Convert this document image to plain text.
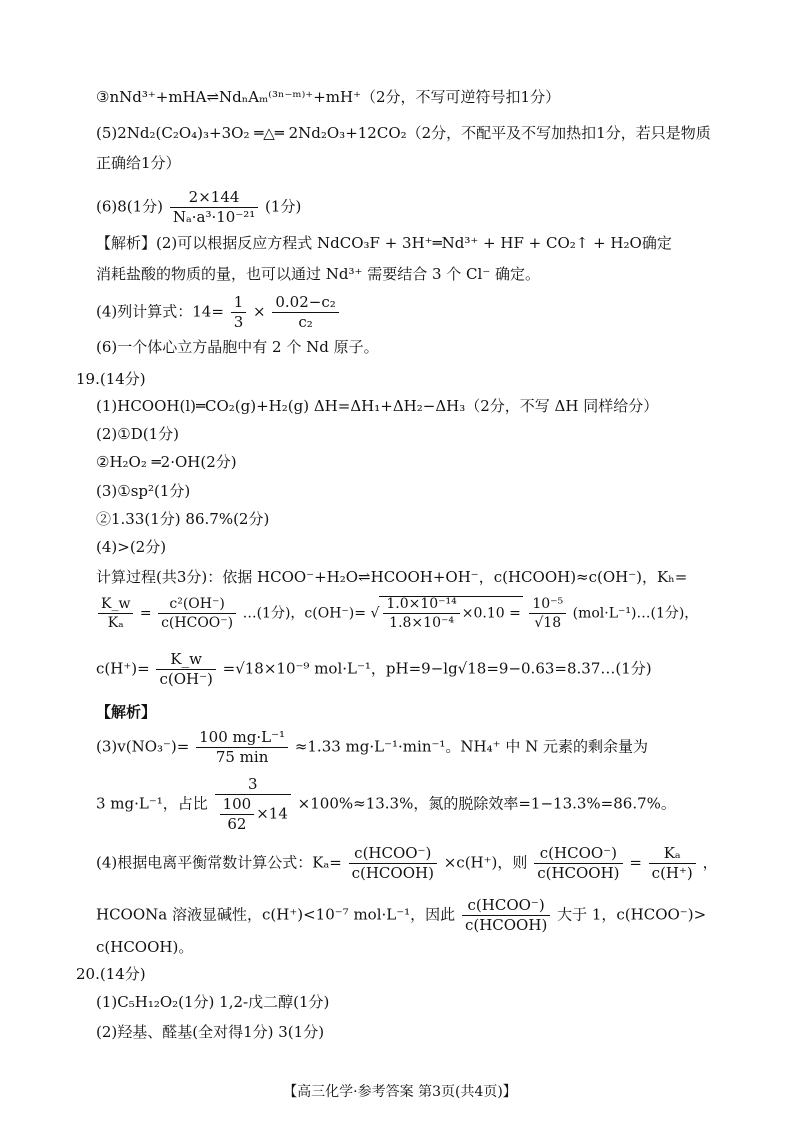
③nNd³⁺+mHA⇌NdₙAₘ⁽³ⁿ⁻ᵐ⁾⁺+mH⁺（2分，不写可逆符号扣1分）
(5)2Nd₂(C₂O₄)₃+3O₂ ═△═ 2Nd₂O₃+12CO₂（2分，不配平及不写加热扣1分，若只是物质
正确给1分）
(6)8(1分) $\frac{2\times 144}{\text{Nₐ·a³·10⁻²¹}} (1$分)
【解析】(2)可以根据反应方程式 NdCO₃F + 3H⁺═Nd³⁺ + HF + CO₂↑ + H₂O确定
消耗盐酸的物质的量，也可以通过 Nd³⁺ 需要结合 3 个 Cl⁻ 确定。
(4)列计算式：$14= \frac{1}{3} \times \frac{\text{0.02−c₂}}{\text{c₂}}$
(6)一个体心立方晶胞中有 2 个 Nd 原子。
19.(14分)
(1)HCOOH(l)═CO₂(g)+H₂(g) ΔH=ΔH₁+ΔH₂−ΔH₃（2分，不写 ΔH 同样给分）
(2)①D(1分)
②H₂O₂ ═2·OH(2分)
(3)①sp²(1分)
②1.33(1分) 86.7%(2分)
(4)>(2分)
计算过程(共3分)：依据 HCOO⁻+H₂O⇌HCOOH+OH⁻，c(HCOOH)≈c(OH⁻)，Kₕ=
$\frac{K\_w}{\text{Kₐ}} = \frac{\text{c²(OH⁻)}}{\text{c(HCOO⁻)}}$ …(1分)，c(OH⁻)= √ $\frac{\text{1.0×10⁻¹⁴}}{\text{1.8×10⁻⁴}} \times 0.10 = \frac{\text{10⁻⁵}}{√18}$ (mol·L⁻¹)…(1分)，
$c(H^+)= \frac{K\_w}{c(OH^-)} =√18\times 10^{-9}$ mol·L⁻¹，pH=9−lg√18=9−0.63=8.37…(1分)
【解析】
$(3)v(NO_3^-)= \frac{\text{100 mg·L⁻¹}}{75 \min} \approx 1.33$ mg·L⁻¹·min⁻¹。NH₄⁺ 中 N 元素的剩余量为
3 mg·L⁻¹，占比 $\frac{3}{\frac{100}{62} \times 14} \times 100\%\approx 13.3\%$，氮的脱除效率=1−13.3%=86.7%。
(4)根据电离平衡常数计算公式：$K_a= \frac{\text{c(HCOO⁻)}}{\text{c(HCOOH)}} \times c(H^+)$，则 $\frac{\text{c(HCOO⁻)}}{\text{c(HCOOH)}} = \frac{\text{Kₐ}}{c(H^+)}$ ，
HCOONa 溶液显碱性，c(H⁺)<10⁻⁷ mol·L⁻¹，因此 $\frac{\text{c(HCOO⁻)}}{\text{c(HCOOH)}}$ 大于 1，c(HCOO⁻)>
c(HCOOH)。
20.(14分)
(1)C₅H₁₂O₂(1分) 1,2-戊二醇(1分)
(2)羟基、醛基(全对得1分) 3(1分)
【高三化学·参考答案 第3页(共4页)】
